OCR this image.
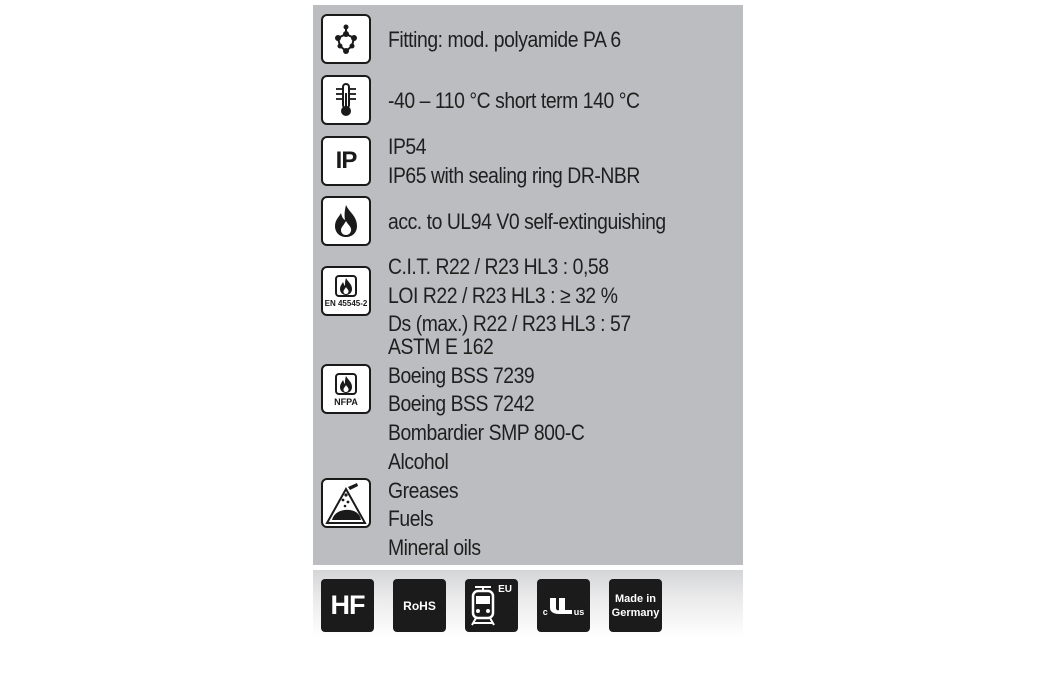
Fitting: mod. polyamide PA 6
-40 – 110 °C short term 140 °C
IP
IP54
IP65 with sealing ring DR-NBR
acc. to UL94 V0 self-extinguishing
EN 45545-2
C.I.T. R22 / R23 HL3 : 0,58
LOI R22 / R23 HL3 : ≥ 32 %
Ds (max.) R22 / R23 HL3 : 57
NFPA
ASTM E 162
Boeing BSS 7239
Boeing BSS 7242
Bombardier SMP 800-C
Alcohol
Greases
Fuels
Mineral oils
HF	RoHS
EU
c	us
Made in
Germany
